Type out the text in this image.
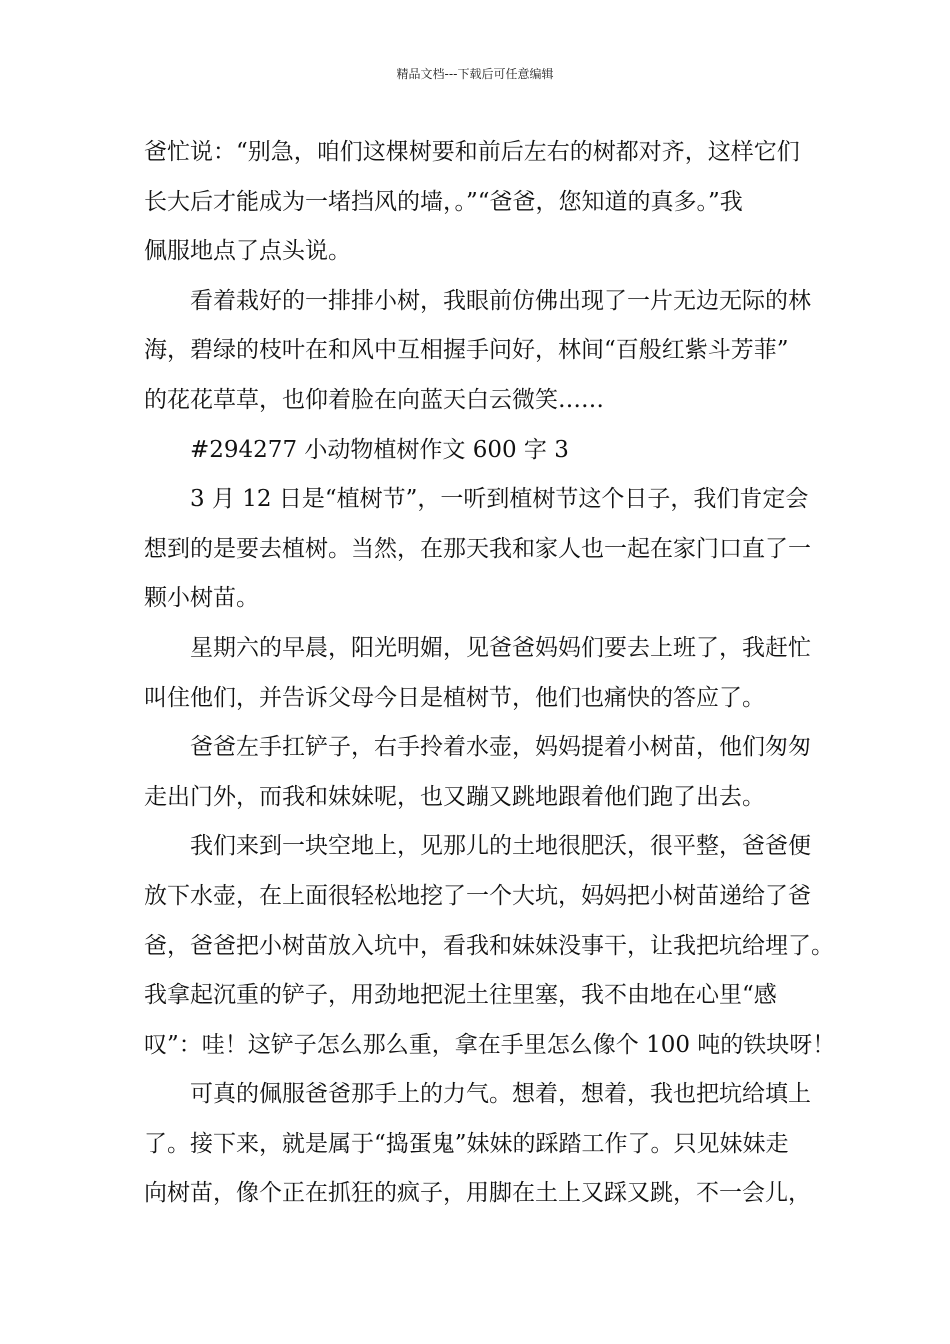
精品文档---下载后可任意编辑
爸忙说：“别急，咱们这棵树要和前后左右的树都对齐，这样它们
长大后才能成为一堵挡风的墙，。”“爸爸，您知道的真多。”我
佩服地点了点头说。
看着栽好的一排排小树，我眼前仿佛出现了一片无边无际的林
海，碧绿的枝叶在和风中互相握手问好，林间“百般红紫斗芳菲”
的花花草草，也仰着脸在向蓝天白云微笑……
#294277 小动物植树作文 600 字 3
3 月 12 日是“植树节”，一听到植树节这个日子，我们肯定会
想到的是要去植树。当然，在那天我和家人也一起在家门口直了一
颗小树苗。
星期六的早晨，阳光明媚，见爸爸妈妈们要去上班了，我赶忙
叫住他们，并告诉父母今日是植树节，他们也痛快的答应了。
爸爸左手扛铲子，右手拎着水壶，妈妈提着小树苗，他们匆匆
走出门外，而我和妹妹呢，也又蹦又跳地跟着他们跑了出去。
我们来到一块空地上，见那儿的土地很肥沃，很平整，爸爸便
放下水壶，在上面很轻松地挖了一个大坑，妈妈把小树苗递给了爸
爸，爸爸把小树苗放入坑中，看我和妹妹没事干，让我把坑给埋了。
我拿起沉重的铲子，用劲地把泥土往里塞，我不由地在心里“感
叹”：哇！这铲子怎么那么重，拿在手里怎么像个 100 吨的铁块呀！
可真的佩服爸爸那手上的力气。想着，想着，我也把坑给填上
了。接下来，就是属于“捣蛋鬼”妹妹的踩踏工作了。只见妹妹走
向树苗，像个正在抓狂的疯子，用脚在土上又踩又跳，不一会儿，
